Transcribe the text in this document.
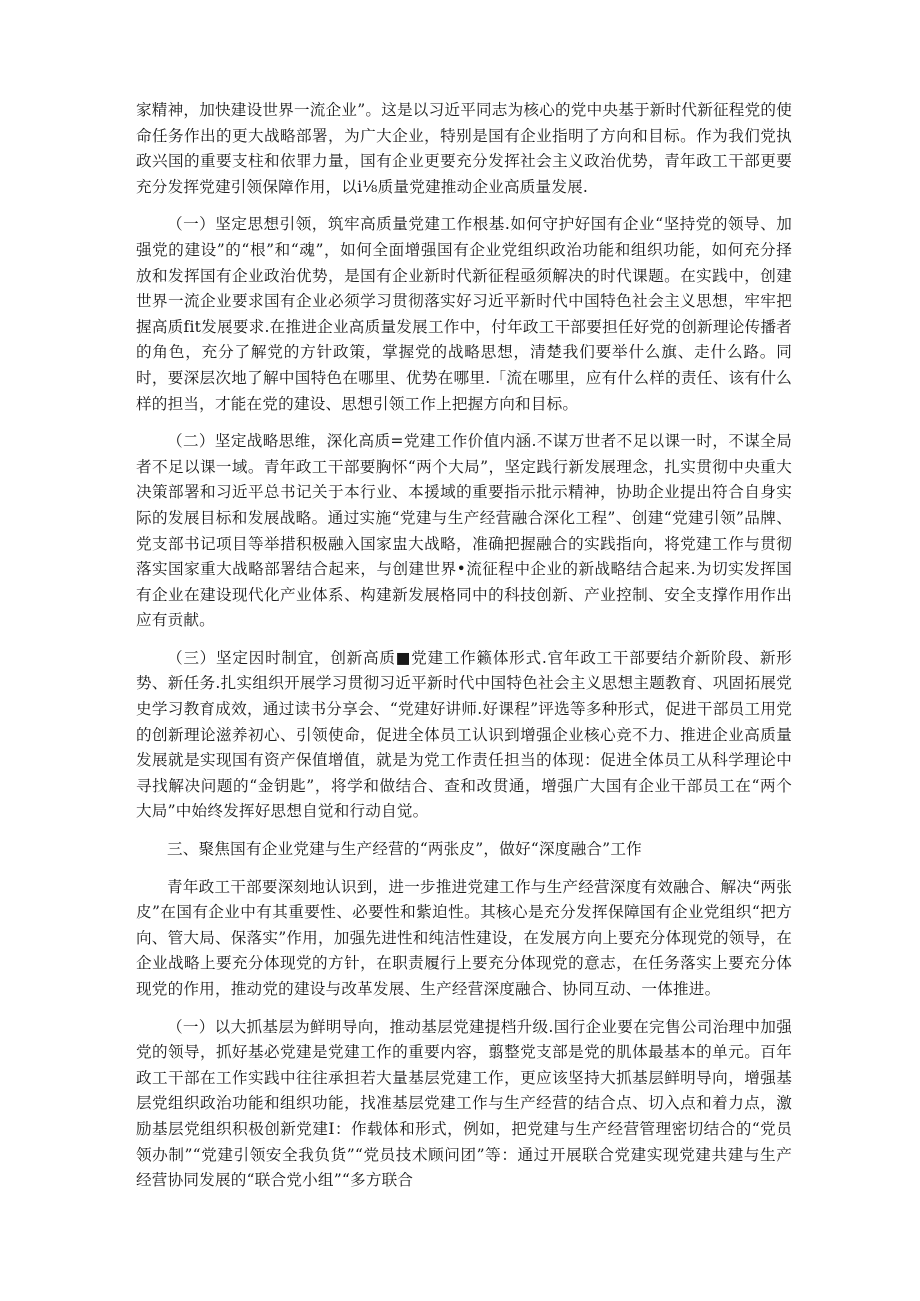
家精神，加快建设世界一流企业”。这是以习近平同志为核心的党中央基于新时代新征程党的使命任务作出的更大战略部署，为广大企业，特别是国有企业指明了方向和目标。作为我们党执政兴国的重要支柱和依罪力量，国有企业更要充分发挥社会主义政治优势，青年政工干部更要充分发挥党建引领保障作用，以i⅛质量党建推动企业高质量发展.

（一）坚定思想引领，筑牢高质量党建工作根基.如何守护好国有企业“坚持党的领导、加强党的建设”的“根”和“魂”，如何全面增强国有企业党组织政治功能和组织功能，如何充分择放和发挥国有企业政治优势，是国有企业新时代新征程亟须解决的时代课题。在实践中，创建世界一流企业要求国有企业必须学习贯彻落实好习近平新时代中国特色社会主义思想，牢牢把握高质fit发展要求.在推进企业高质量发展工作中，付年政工干部要担任好党的创新理论传播者的角色，充分了解党的方针政策，掌握党的战略思想，清楚我们要举什么旗、走什么路。同时，要深层次地了解中国特色在哪里、优势在哪里.「流在哪里，应有什么样的责任、该有什么样的担当，才能在党的建设、思想引领工作上把握方向和目标。

（二）坚定战略思维，深化高质=党建工作价值内涵.不谋万世者不足以课一时，不谋全局者不足以课一域。青年政工干部要胸怀“两个大局”，坚定践行新发展理念，扎实贯彻中央重大决策部署和习近平总书记关于本行业、本援域的重要指示批示精神，协助企业提出符合自身实际的发展目标和发展战略。通过实施“党建与生产经营融合深化工程”、创建“党建引领”品牌、党支部书记项目等举措积极融入国家盅大战略，准确把握融合的实践指向，将党建工作与贯彻落实国家重大战略部署结合起来，与创建世界•流征程中企业的新战略结合起来.为切实发挥国有企业在建设现代化产业体系、构建新发展格同中的科技创新、产业控制、安全支撑作用作出应有贡献。

（三）坚定因时制宜，创新高质■党建工作籁体形式.官年政工干部要结介新阶段、新形势、新任务.扎实组织开展学习贯彻习近平新时代中国特色社会主义思想主题教育、巩固拓展党史学习教育成效，通过读书分享会、“党建好讲师.好课程”评选等多种形式，促进干部员工用党的创新理论滋养初心、引领使命，促进全体员工认识到增强企业核心竞不力、推进企业高质量发展就是实现国有资产保值增值，就是为党工作责任担当的体现：促进全体员工从科学理论中寻找解决问题的“金钥匙”，将学和做结合、查和改贯通，增强广大国有企业干部员工在“两个大局”中始终发挥好思想自觉和行动自觉。

三、聚焦国有企业党建与生产经营的“两张皮”，做好“深度融合”工作

青年政工干部要深刻地认识到，进一步推进党建工作与生产经营深度有效融合、解决“两张皮”在国有企业中有其重要性、必要性和紫迫性。其核心是充分发挥保障国有企业党组织“把方向、管大局、保落实”作用，加强先进性和纯洁性建设，在发展方向上要充分体现党的领导，在企业战略上要充分体现党的方针，在职责履行上要充分体现党的意志，在任务落实上要充分体现党的作用，推动党的建设与改革发展、生产经营深度融合、协同互动、一体推进。

（一）以大抓基层为鲜明导向，推动基层党建提档升级.国行企业要在完售公司治理中加强党的领导，抓好基必党建是党建工作的重要内容，翦整党支部是党的肌体最基本的单元。百年政工干部在工作实践中往往承担若大量基层党建工作，更应该坚持大抓基层鲜明导向，增强基层党组织政治功能和组织功能，找准基层党建工作与生产经营的结合点、切入点和着力点，激励基层党组织积极创新党建Ⅰ：作载体和形式，例如，把党建与生产经营管理密切结合的“党员领办制”“党建引领安全我负货”“党员技术顾问团”等：通过开展联合党建实现党建共建与生产经营协同发展的“联合党小组”“多方联合
